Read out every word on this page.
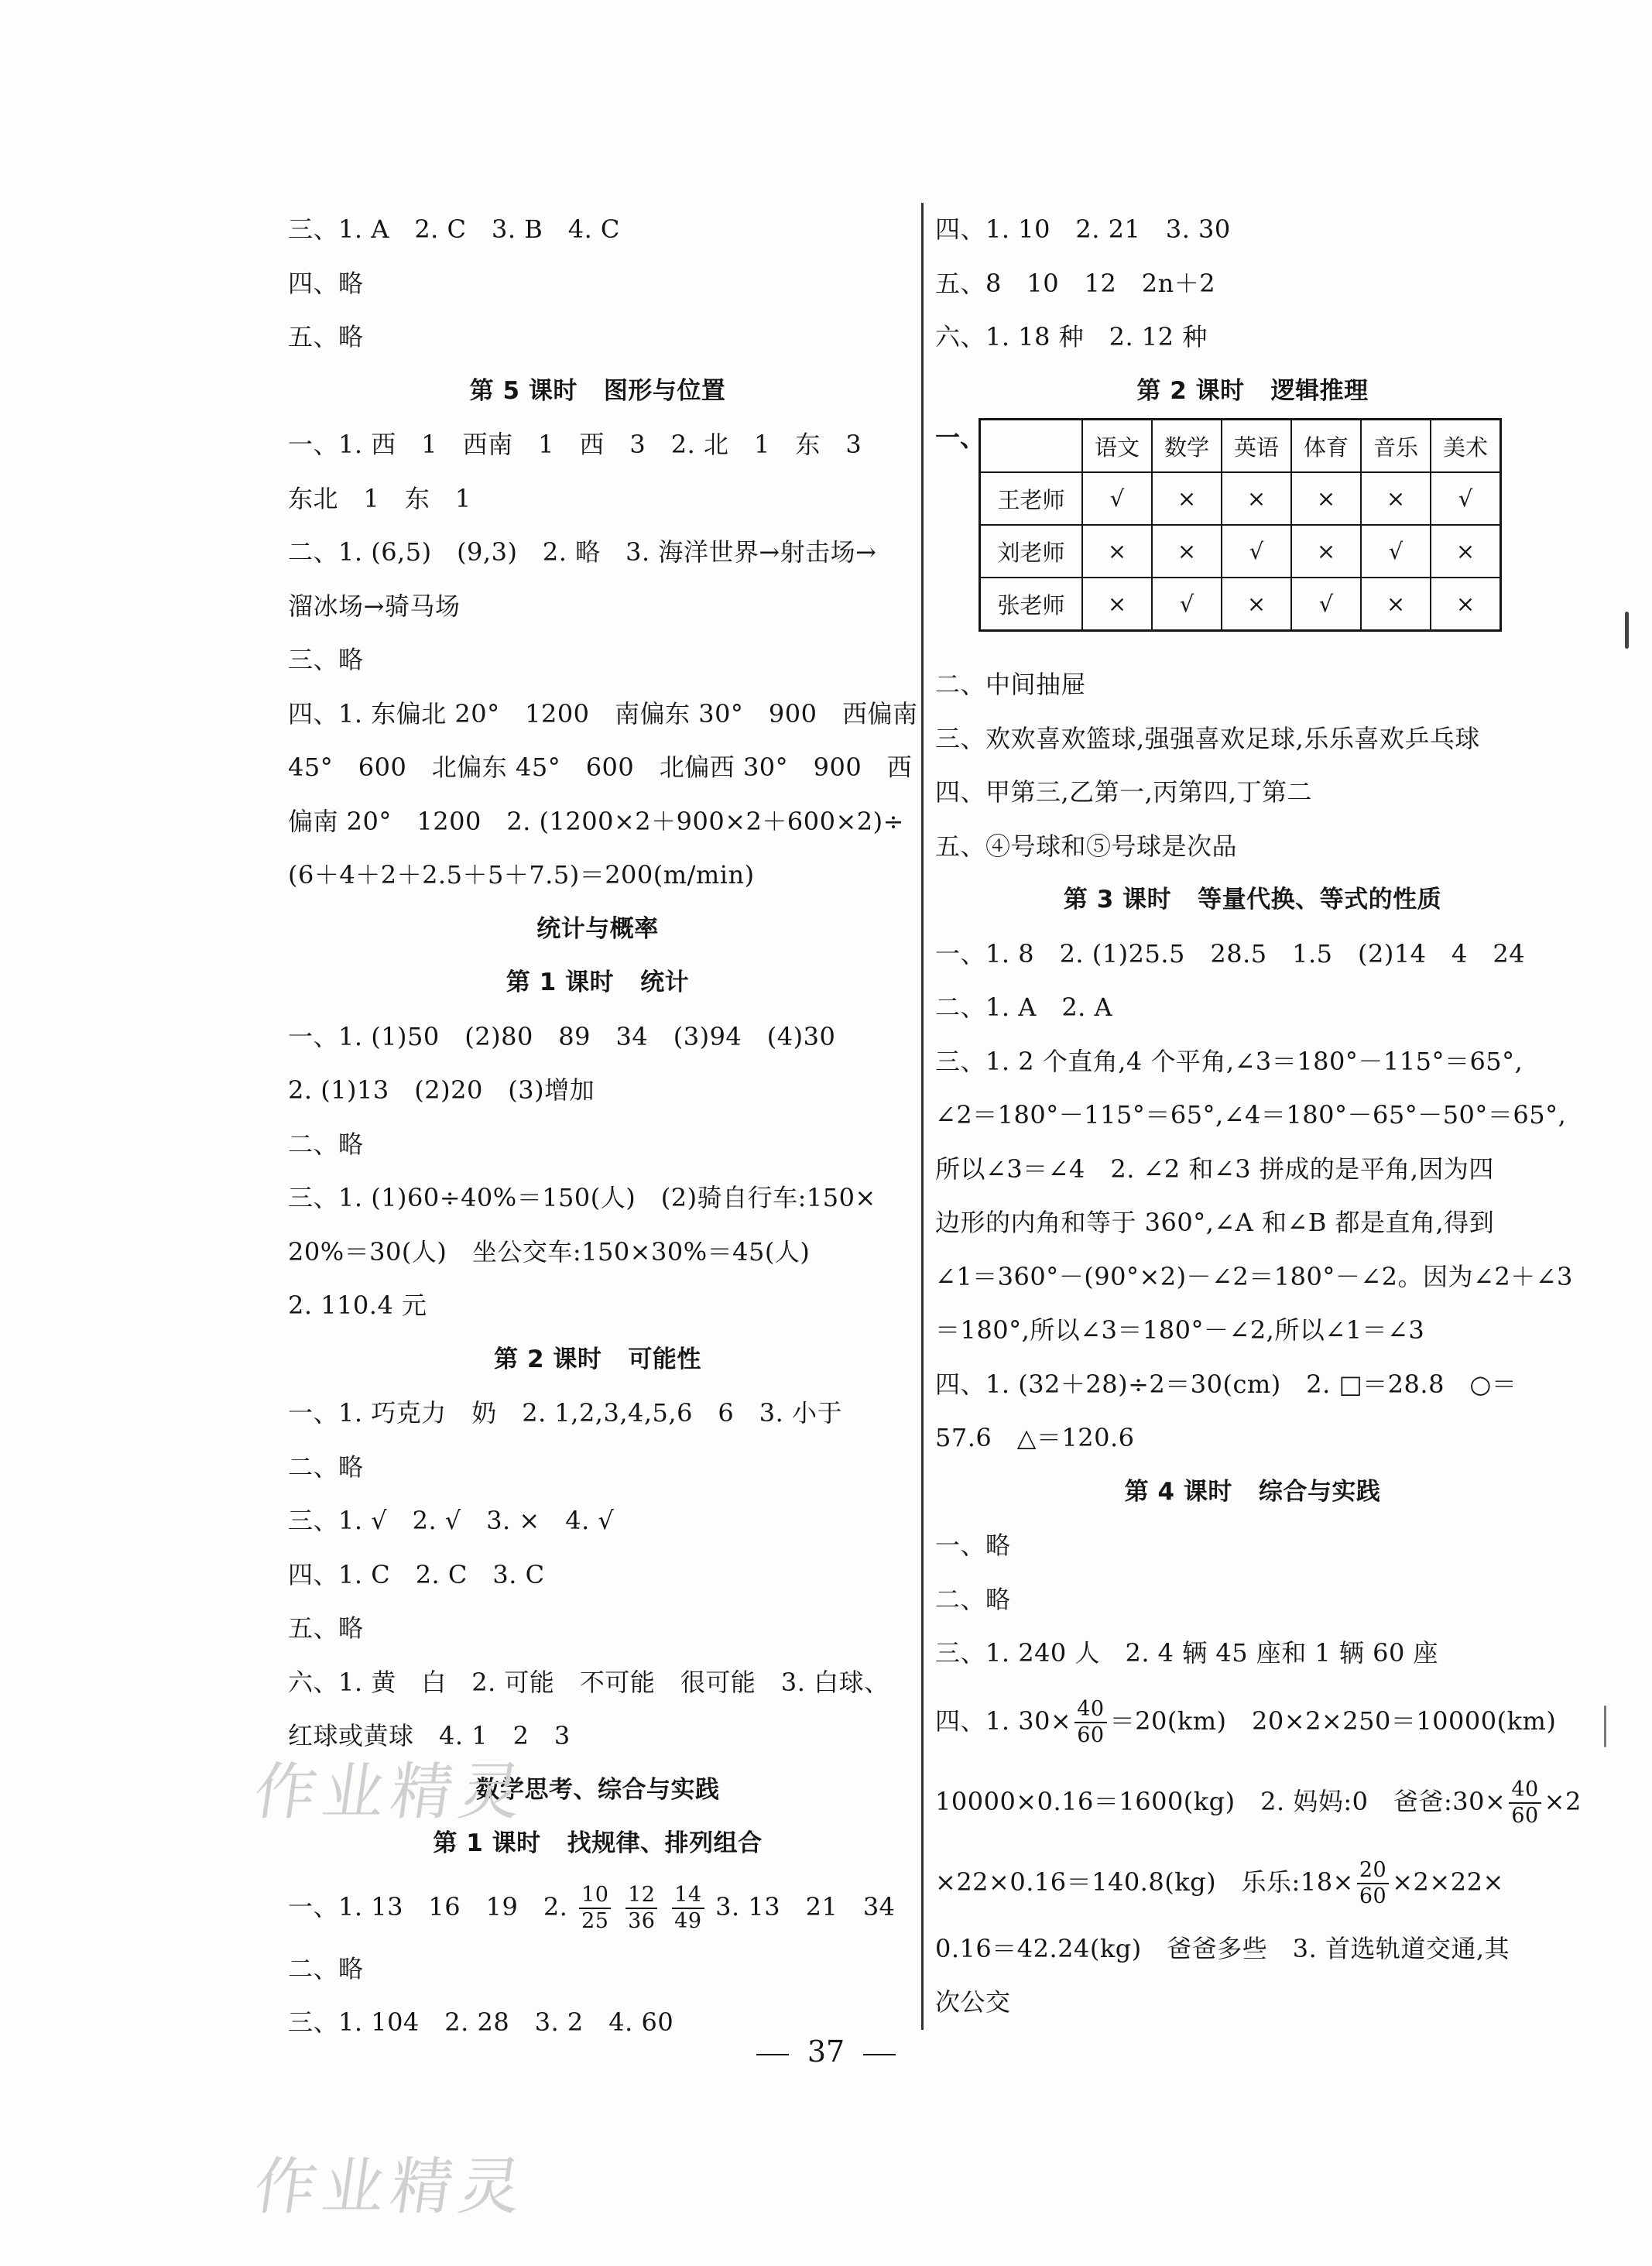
三、1. A　2. C　3. B　4. C
四、略
五、略
第 5 课时 图形与位置
一、1. 西　1　西南　1　西　3　2. 北　1　东　3
东北　1　东　1
二、1. (6,5)　(9,3)　2. 略　3. 海洋世界→射击场→
溜冰场→骑马场
三、略
四、1. 东偏北 20°　1200　南偏东 30°　900　西偏南
45°　600　北偏东 45°　600　北偏西 30°　900　西
偏南 20°　1200　2. (1200×2＋900×2＋600×2)÷
(6＋4＋2＋2.5＋5＋7.5)＝200(m/min)
统计与概率
第 1 课时 统计
一、1. (1)50　(2)80　89　34　(3)94　(4)30
2. (1)13　(2)20　(3)增加
二、略
三、1. (1)60÷40%＝150(人)　(2)骑自行车:150×
20%＝30(人)　坐公交车:150×30%＝45(人)
2. 110.4 元
第 2 课时 可能性
一、1. 巧克力　奶　2. 1,2,3,4,5,6　6　3. 小于
二、略
三、1. √　2. √　3. ×　4. √
四、1. C　2. C　3. C
五、略
六、1. 黄　白　2. 可能　不可能　很可能　3. 白球、
红球或黄球　4. 1　2　3
数学思考、综合与实践
第 1 课时 找规律、排列组合
一、1. 13　16　19　2. $\frac{10}{25}$
$\frac{12}{36}$
$\frac{14}{49} 3$. 13　21　34
二、略
三、1. 104　2. 28　3. 2　4. 60
四、1. 10　2. 21　3. 30
五、8　10　12　2n＋2
六、1. 18 种　2. 12 种
第 2 课时 逻辑推理
一、
		语文	数学	英语	体育	音乐	美术
王老师	√	×	×	×	×	√
刘老师	×	×	√	×	√	×
张老师	×	√	×	√	×	×
二、中间抽屉
三、欢欢喜欢篮球,强强喜欢足球,乐乐喜欢乒乓球
四、甲第三,乙第一,丙第四,丁第二
五、④号球和⑤号球是次品
第 3 课时 等量代换、等式的性质
一、1. 8　2. (1)25.5　28.5　1.5　(2)14　4　24
二、1. A　2. A
三、1. 2 个直角,4 个平角,∠3＝180°－115°＝65°,
∠2＝180°－115°＝65°,∠4＝180°－65°－50°＝65°,
所以∠3＝∠4　2. ∠2 和∠3 拼成的是平角,因为四
边形的内角和等于 360°,∠A 和∠B 都是直角,得到
∠1＝360°－(90°×2)－∠2＝180°－∠2。因为∠2＋∠3
＝180°,所以∠3＝180°－∠2,所以∠1＝∠3
四、1. (32＋28)÷2＝30(cm)　2. □＝28.8　○＝
57.6　△＝120.6
第 4 课时 综合与实践
一、略
二、略
三、1. 240 人　2. 4 辆 45 座和 1 辆 60 座
四、1. $30\times \frac{40}{60} =20(km)$　20×2×250＝10000(km)
10000×0.16＝1600(kg)　2. 妈妈:0　爸爸:30× $\frac{40}{60} \times 2$
×22×0.16＝140.8(kg)　乐乐:18× $\frac{20}{60} \times 2\times 22\times$
0.16＝42.24(kg)　爸爸多些　3. 首选轨道交通,其
次公交
37
作业精灵
作业精灵
